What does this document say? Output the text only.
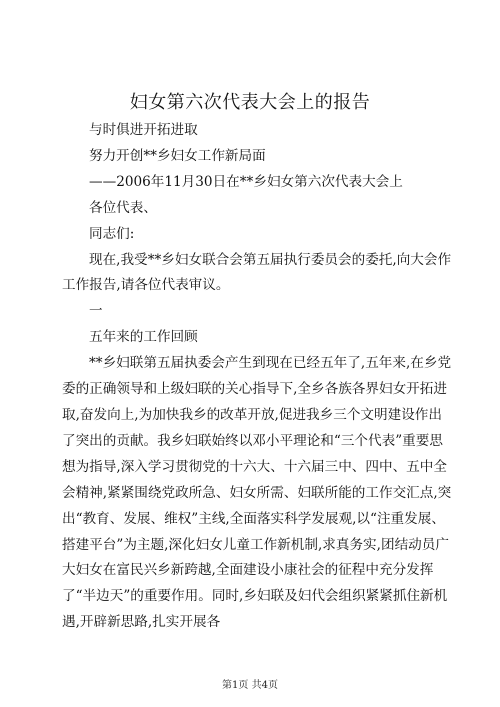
妇女第六次代表大会上的报告

与时俱进开拓进取

努力开创**乡妇女工作新局面

——2006年11月30日在**乡妇女第六次代表大会上

各位代表、

同志们:

现在,我受**乡妇女联合会第五届执行委员会的委托,向大会作工作报告,请各位代表审议。

一

五年来的工作回顾

**乡妇联第五届执委会产生到现在已经五年了,五年来,在乡党委的正确领导和上级妇联的关心指导下,全乡各族各界妇女开拓进取,奋发向上,为加快我乡的改革开放,促进我乡三个文明建设作出了突出的贡献。我乡妇联始终以邓小平理论和“三个代表”重要思想为指导,深入学习贯彻党的十六大、十六届三中、四中、五中全会精神,紧紧围绕党政所急、妇女所需、妇联所能的工作交汇点,突出“教育、发展、维权”主线,全面落实科学发展观,以“注重发展、搭建平台”为主题,深化妇女儿童工作新机制,求真务实,团结动员广大妇女在富民兴乡新跨越,全面建设小康社会的征程中充分发挥了“半边天”的重要作用。同时,乡妇联及妇代会组织紧紧抓住新机遇,开辟新思路,扎实开展各

第1页 共4页
